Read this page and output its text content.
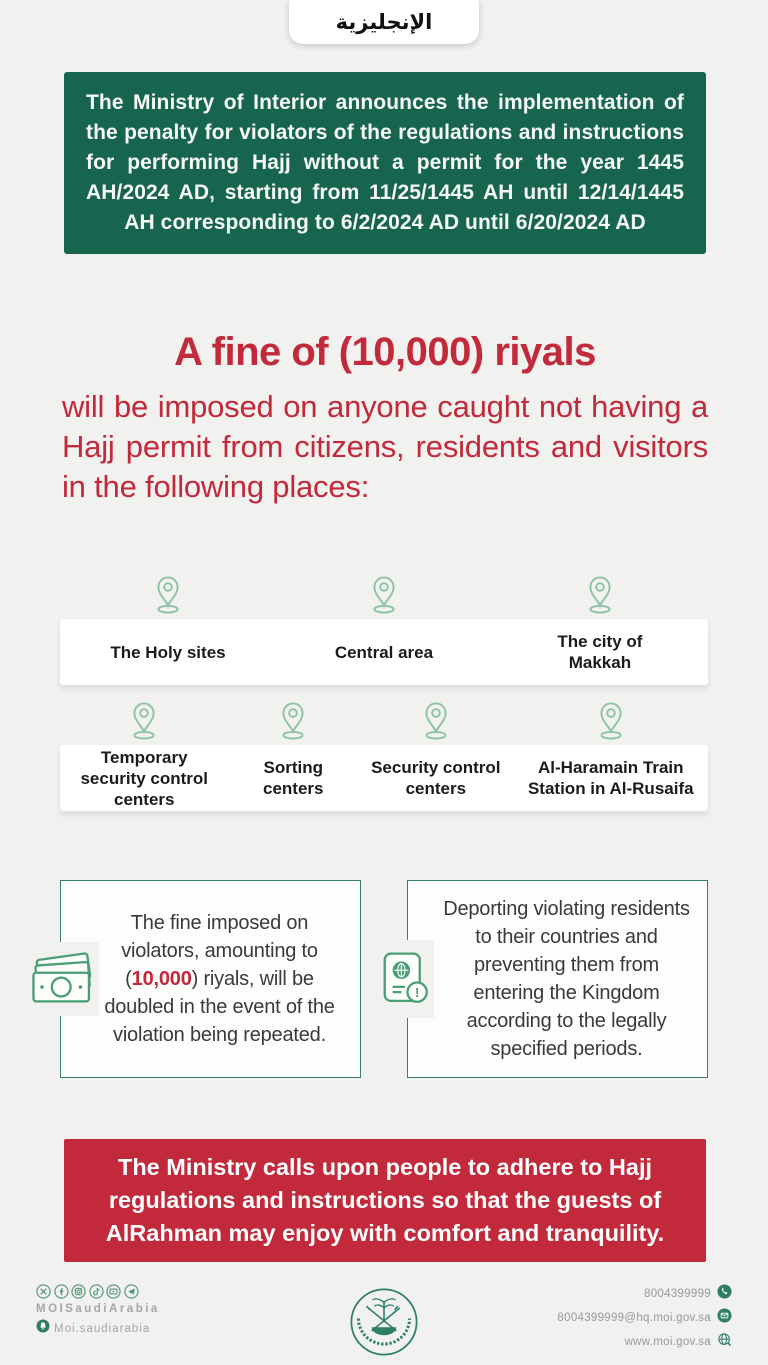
الإنجليزية
The Ministry of Interior announces the implementation of the penalty for violators of the regulations and instructions for performing Hajj without a permit for the year 1445 AH/2024 AD, starting from 11/25/1445 AH until 12/14/1445 AH corresponding to 6/2/2024 AD until 6/20/2024 AD
A fine of (10,000) riyals
will be imposed on anyone caught not having a Hajj permit from citizens, residents and visitors in the following places:
The Holy sites	Central area
The city of Makkah
Temporary security control centers
Sorting centers
Security control centers
Al-Haramain Train Station in Al-Rusaifa
The fine imposed on violators, amounting to (10,000) riyals, will be doubled in the event of the violation being repeated.
!
Deporting violating residents to their countries and preventing them from entering the Kingdom according to the legally specified periods.
The Ministry calls upon people to adhere to Hajj regulations and instructions so that the guests of AlRahman may enjoy with comfort and tranquility.
MOISaudiArabia
Moi.saudiarabia
8004399999
8004399999@hq.moi.gov.sa
www.moi.gov.sa
